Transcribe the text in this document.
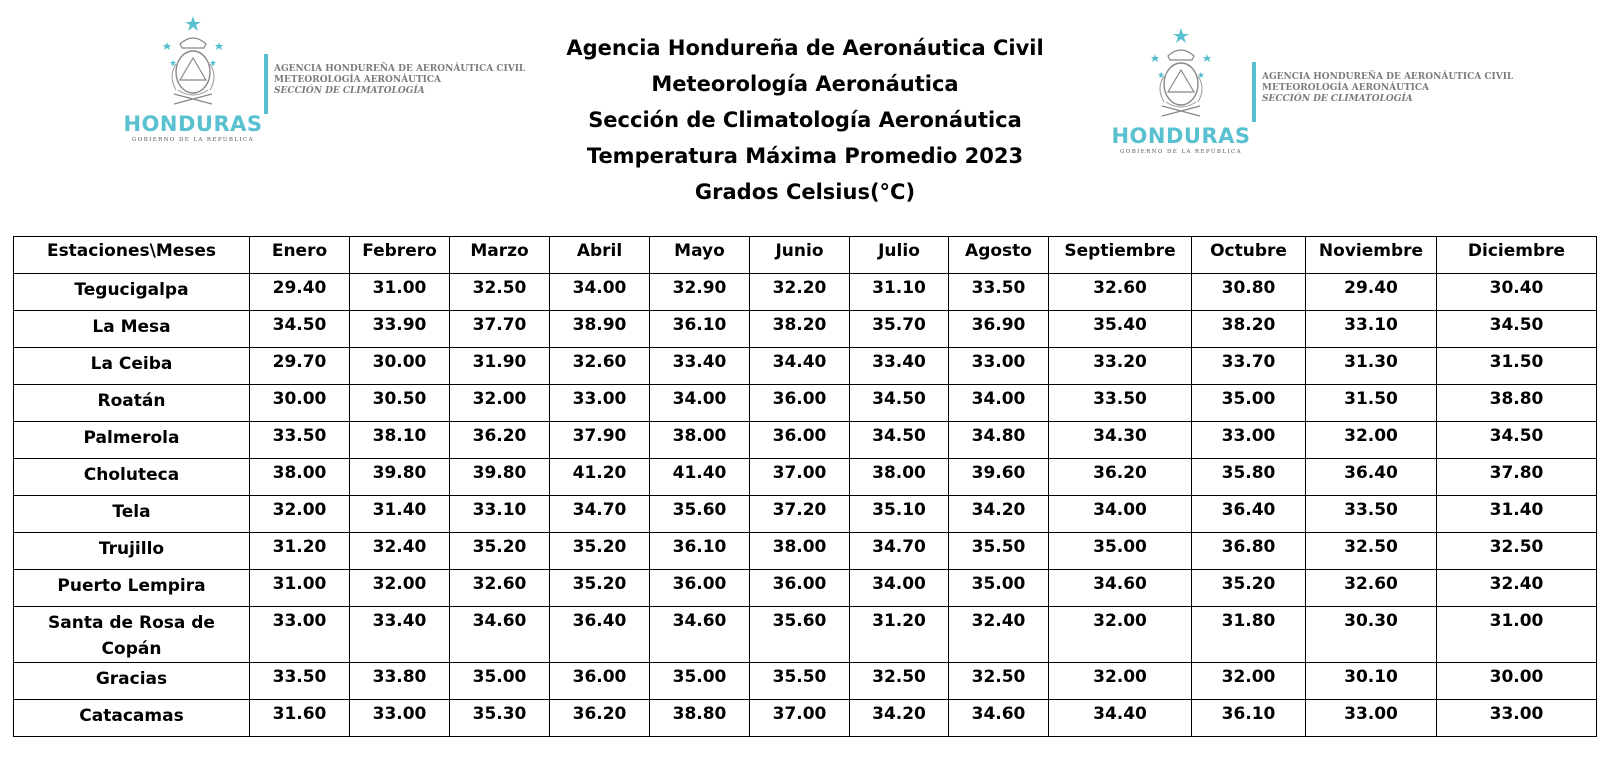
HONDURAS
GOBIERNO DE LA REPÚBLICA
AGENCIA HONDUREÑA DE AERONÁUTICA CIVIL
METEOROLOGÍA AERONÁUTICA
SECCIÓN DE CLIMATOLOGÍA
HONDURAS
GOBIERNO DE LA REPÚBLICA
AGENCIA HONDUREÑA DE AERONÁUTICA CIVIL
METEOROLOGÍA AERONÁUTICA
SECCIÓN DE CLIMATOLOGÍA
Agencia Hondureña de Aeronáutica Civil
Meteorología Aeronáutica
Sección de Climatología Aeronáutica
Temperatura Máxima Promedio 2023
Grados Celsius(°C)
Estaciones\Meses	Enero	Febrero	Marzo	Abril	Mayo	Junio	Julio	Agosto	Septiembre	Octubre	Noviembre	Diciembre
Tegucigalpa	29.40	31.00	32.50	34.00	32.90	32.20	31.10	33.50	32.60	30.80	29.40	30.40
La Mesa	34.50	33.90	37.70	38.90	36.10	38.20	35.70	36.90	35.40	38.20	33.10	34.50
La Ceiba	29.70	30.00	31.90	32.60	33.40	34.40	33.40	33.00	33.20	33.70	31.30	31.50
Roatán	30.00	30.50	32.00	33.00	34.00	36.00	34.50	34.00	33.50	35.00	31.50	38.80
Palmerola	33.50	38.10	36.20	37.90	38.00	36.00	34.50	34.80	34.30	33.00	32.00	34.50
Choluteca	38.00	39.80	39.80	41.20	41.40	37.00	38.00	39.60	36.20	35.80	36.40	37.80
Tela	32.00	31.40	33.10	34.70	35.60	37.20	35.10	34.20	34.00	36.40	33.50	31.40
Trujillo	31.20	32.40	35.20	35.20	36.10	38.00	34.70	35.50	35.00	36.80	32.50	32.50
Puerto Lempira	31.00	32.00	32.60	35.20	36.00	36.00	34.00	35.00	34.60	35.20	32.60	32.40
Santa de Rosa de Copán	33.00	33.40	34.60	36.40	34.60	35.60	31.20	32.40	32.00	31.80	30.30	31.00
Gracias	33.50	33.80	35.00	36.00	35.00	35.50	32.50	32.50	32.00	32.00	30.10	30.00
Catacamas	31.60	33.00	35.30	36.20	38.80	37.00	34.20	34.60	34.40	36.10	33.00	33.00
